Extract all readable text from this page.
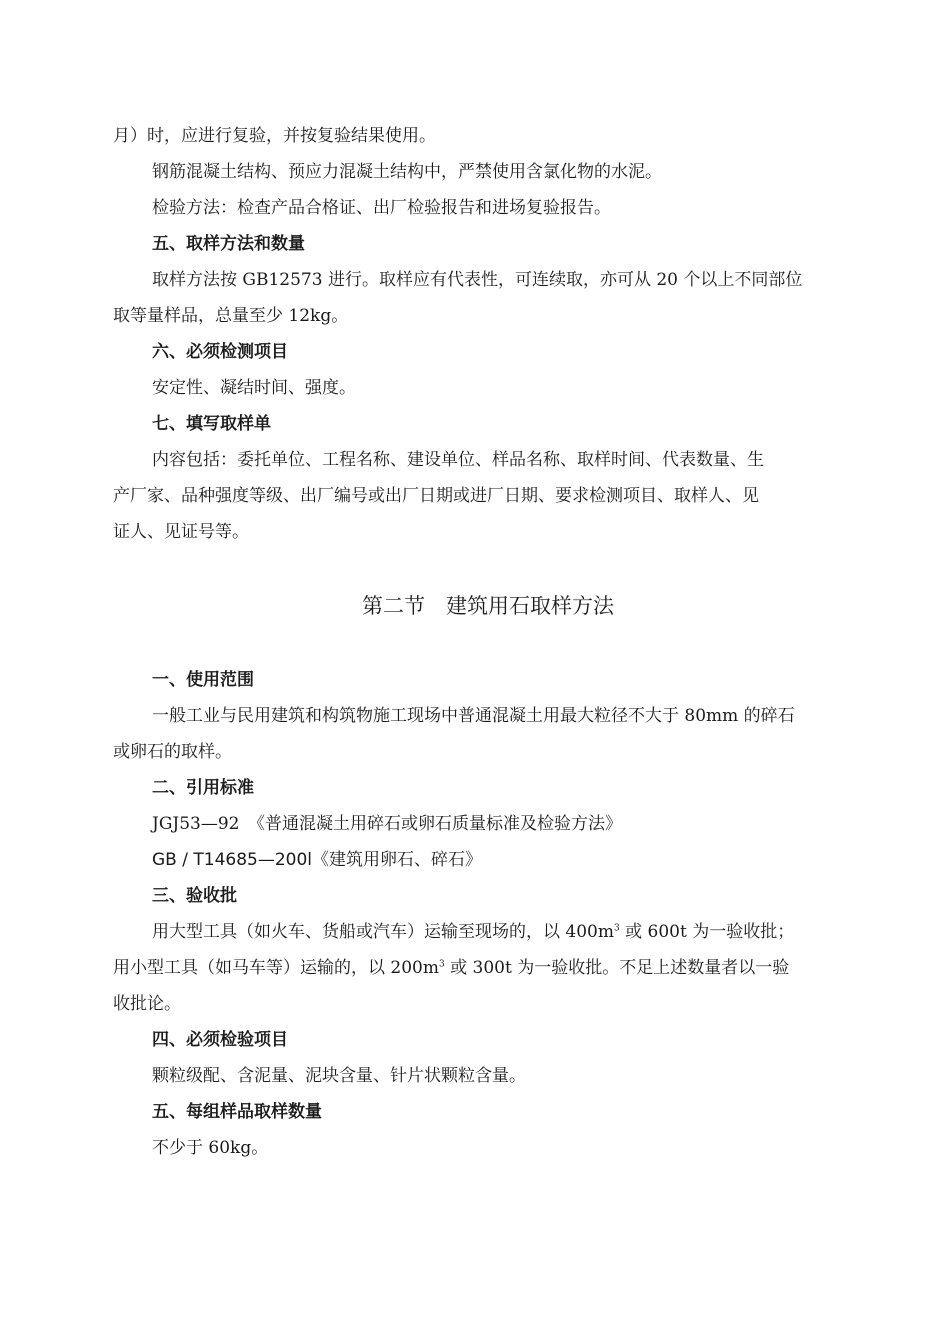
月）时，应进行复验，并按复验结果使用。
钢筋混凝土结构、预应力混凝土结构中，严禁使用含氯化物的水泥。
检验方法：检查产品合格证、出厂检验报告和进场复验报告。
五、取样方法和数量
取样方法按 GB12573 进行。取样应有代表性，可连续取，亦可从 20 个以上不同部位
取等量样品，总量至少 12kg。
六、必须检测项目
安定性、凝结时间、强度。
七、填写取样单
内容包括：委托单位、工程名称、建设单位、样品名称、取样时间、代表数量、生
产厂家、品种强度等级、出厂编号或出厂日期或进厂日期、要求检测项目、取样人、见
证人、见证号等。
第二节　建筑用石取样方法
一、使用范围
一般工业与民用建筑和构筑物施工现场中普通混凝土用最大粒径不大于 80mm 的碎石
或卵石的取样。
二、引用标准
JGJ53—92　《普通混凝土用碎石或卵石质量标准及检验方法》
GB / T14685—200l《建筑用卵石、碎石》
三、验收批
用大型工具（如火车、货船或汽车）运输至现场的，以 $400m^3$ 或 600t 为一验收批；
用小型工具（如马车等）运输的，以 $200m^3$ 或 300t 为一验收批。不足上述数量者以一验
收批论。
四、必须检验项目
颗粒级配、含泥量、泥块含量、针片状颗粒含量。
五、每组样品取样数量
不少于 60kg。
